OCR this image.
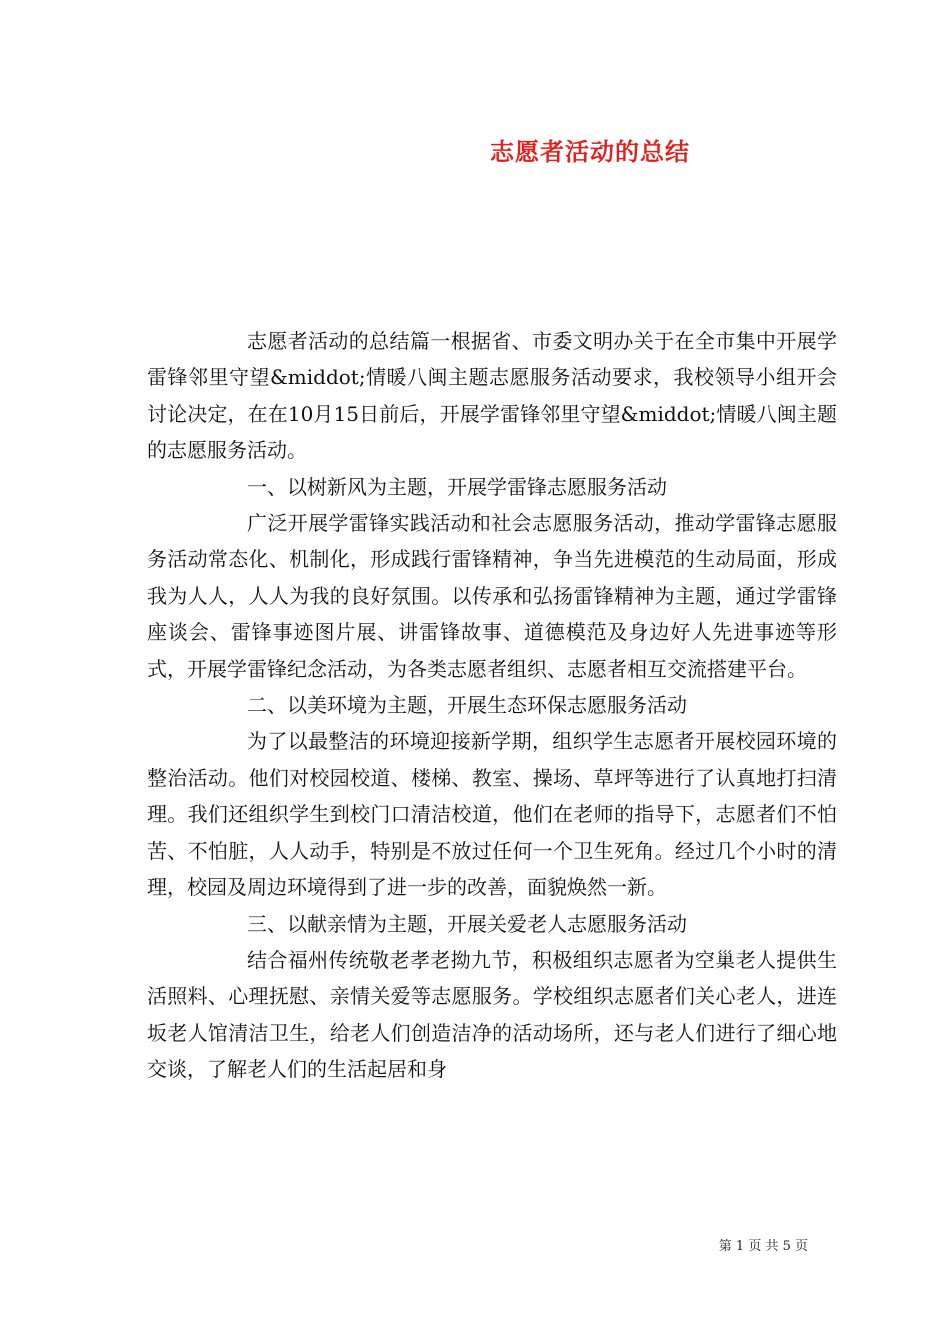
志愿者活动的总结

志愿者活动的总结篇一根据省、市委文明办关于在全市集中开展学雷锋邻里守望&middot;情暖八闽主题志愿服务活动要求，我校领导小组开会讨论决定，在在10月15日前后，开展学雷锋邻里守望&middot;情暖八闽主题的志愿服务活动。

一、以树新风为主题，开展学雷锋志愿服务活动

广泛开展学雷锋实践活动和社会志愿服务活动，推动学雷锋志愿服务活动常态化、机制化，形成践行雷锋精神，争当先进模范的生动局面，形成我为人人，人人为我的良好氛围。以传承和弘扬雷锋精神为主题，通过学雷锋座谈会、雷锋事迹图片展、讲雷锋故事、道德模范及身边好人先进事迹等形式，开展学雷锋纪念活动，为各类志愿者组织、志愿者相互交流搭建平台。

二、以美环境为主题，开展生态环保志愿服务活动

为了以最整洁的环境迎接新学期，组织学生志愿者开展校园环境的整治活动。他们对校园校道、楼梯、教室、操场、草坪等进行了认真地打扫清理。我们还组织学生到校门口清洁校道，他们在老师的指导下，志愿者们不怕苦、不怕脏，人人动手，特别是不放过任何一个卫生死角。经过几个小时的清理，校园及周边环境得到了进一步的改善，面貌焕然一新。

三、以献亲情为主题，开展关爱老人志愿服务活动

结合福州传统敬老孝老拗九节，积极组织志愿者为空巢老人提供生活照料、心理抚慰、亲情关爱等志愿服务。学校组织志愿者们关心老人，进连坂老人馆清洁卫生，给老人们创造洁净的活动场所，还与老人们进行了细心地交谈，了解老人们的生活起居和身

第 1 页 共 5 页
